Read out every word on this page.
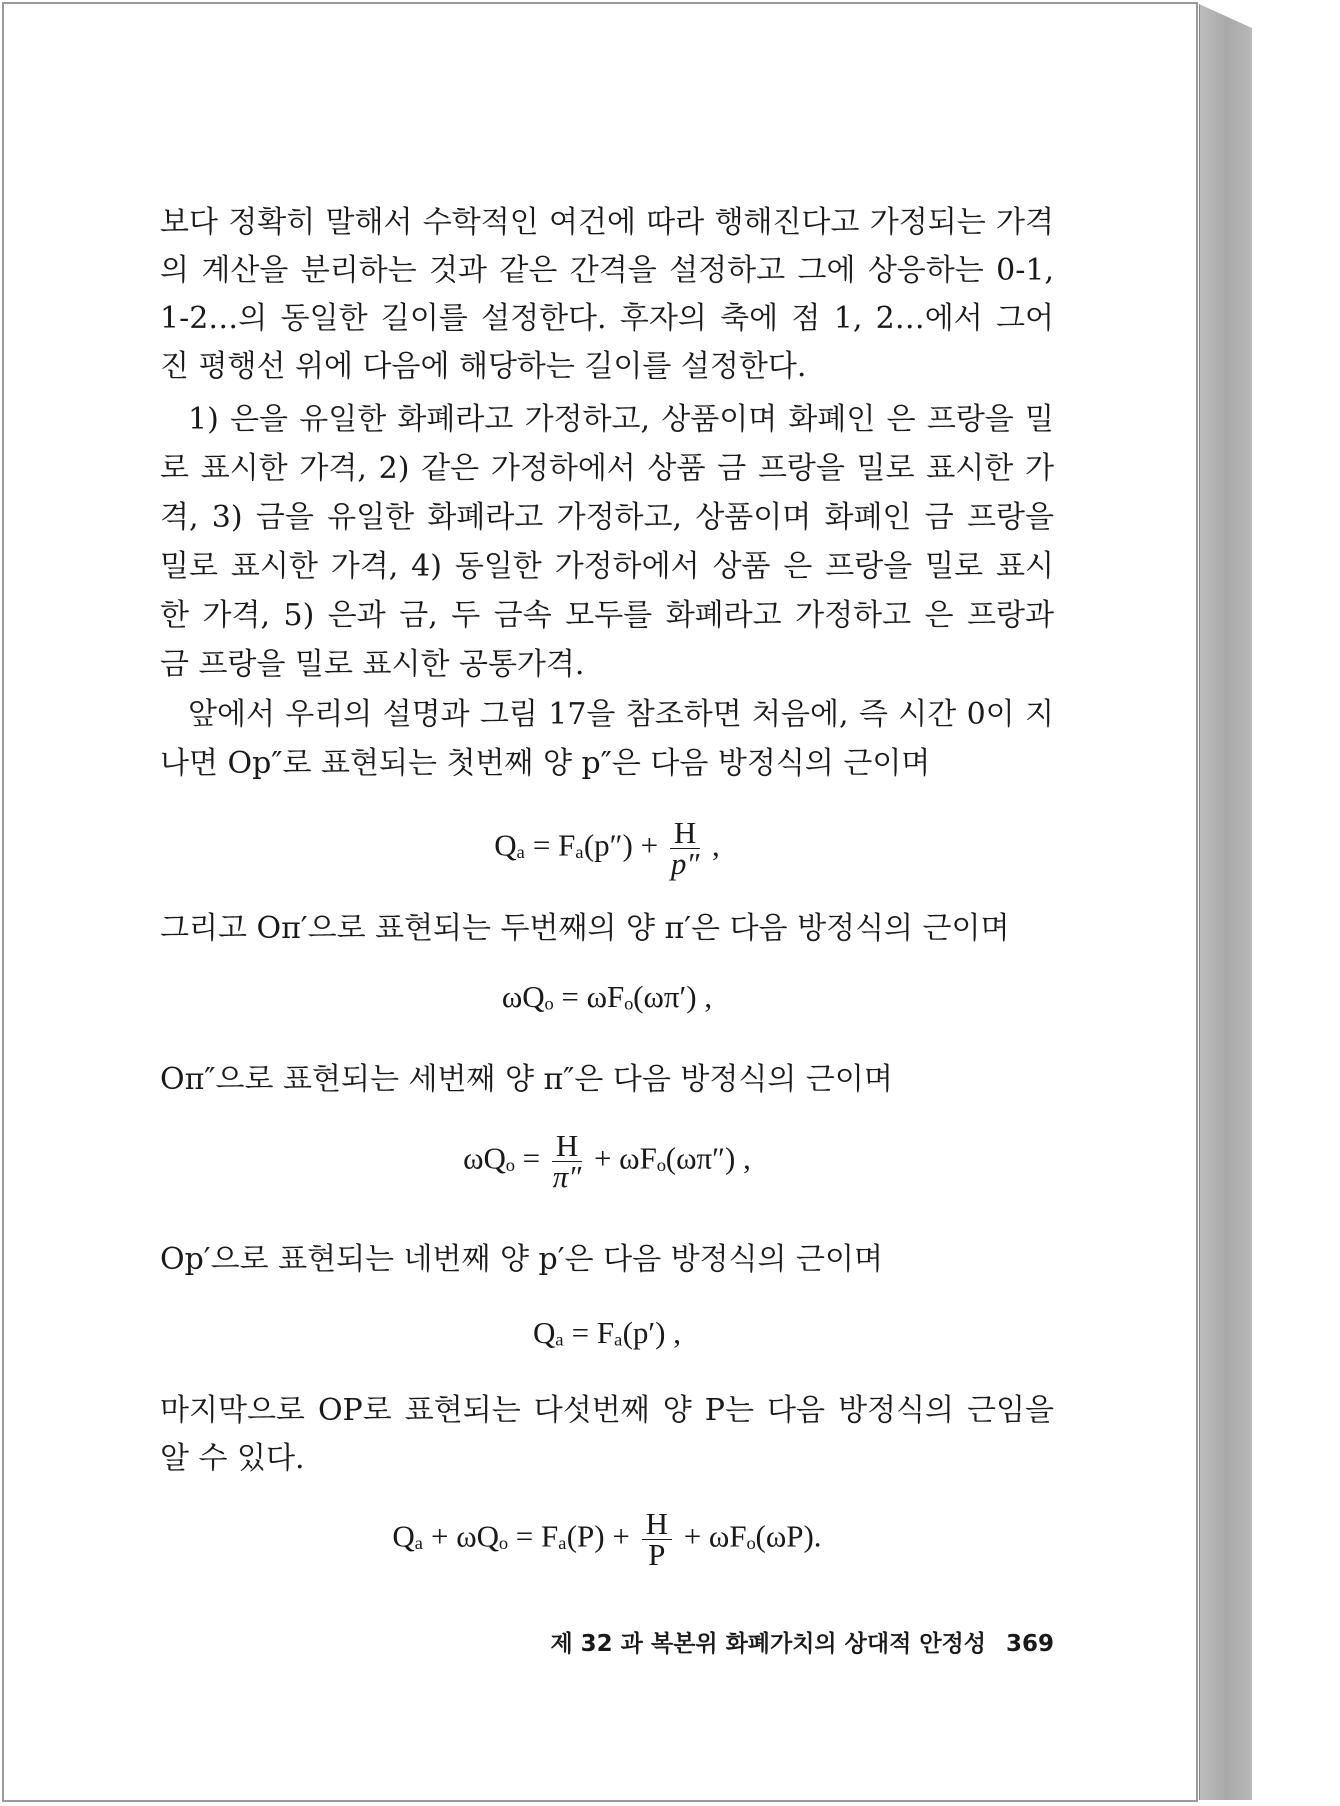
보다 정확히 말해서 수학적인 여건에 따라 행해진다고 가정되는 가격
의 계산을 분리하는 것과 같은 간격을 설정하고 그에 상응하는 0-1,
1-2…의 동일한 길이를 설정한다. 후자의 축에 점 1, 2…에서 그어
진 평행선 위에 다음에 해당하는 길이를 설정한다.
1) 은을 유일한 화폐라고 가정하고, 상품이며 화폐인 은 프랑을 밀
로 표시한 가격, 2) 같은 가정하에서 상품 금 프랑을 밀로 표시한 가
격, 3) 금을 유일한 화폐라고 가정하고, 상품이며 화폐인 금 프랑을
밀로 표시한 가격, 4) 동일한 가정하에서 상품 은 프랑을 밀로 표시
한 가격, 5) 은과 금, 두 금속 모두를 화폐라고 가정하고 은 프랑과
금 프랑을 밀로 표시한 공통가격.
앞에서 우리의 설명과 그림 17을 참조하면 처음에, 즉 시간 0이 지
나면 Op″로 표현되는 첫번째 양 p″은 다음 방정식의 근이며
$Q_a = F_a(p'') + \frac{H}{p''}$ ,
그리고 Oπ′으로 표현되는 두번째의 양 π′은 다음 방정식의 근이며
ωQₒ = ωFₒ(ωπ′) ,
Oπ″으로 표현되는 세번째 양 π″은 다음 방정식의 근이며
$\omega Q_o = \frac{H}{\pi''} + \omega F_o(\omega\pi'')$ ,
Op′으로 표현되는 네번째 양 p′은 다음 방정식의 근이며
Qₐ = Fₐ(p′) ,
마지막으로 OP로 표현되는 다섯번째 양 P는 다음 방정식의 근임을
알 수 있다.
$Q_a + \omega Q_o = F_a(P) + \frac{H}{P} + \omega F_o(\omega P)$.
제 32 과 복본위 화폐가치의 상대적 안정성 369
